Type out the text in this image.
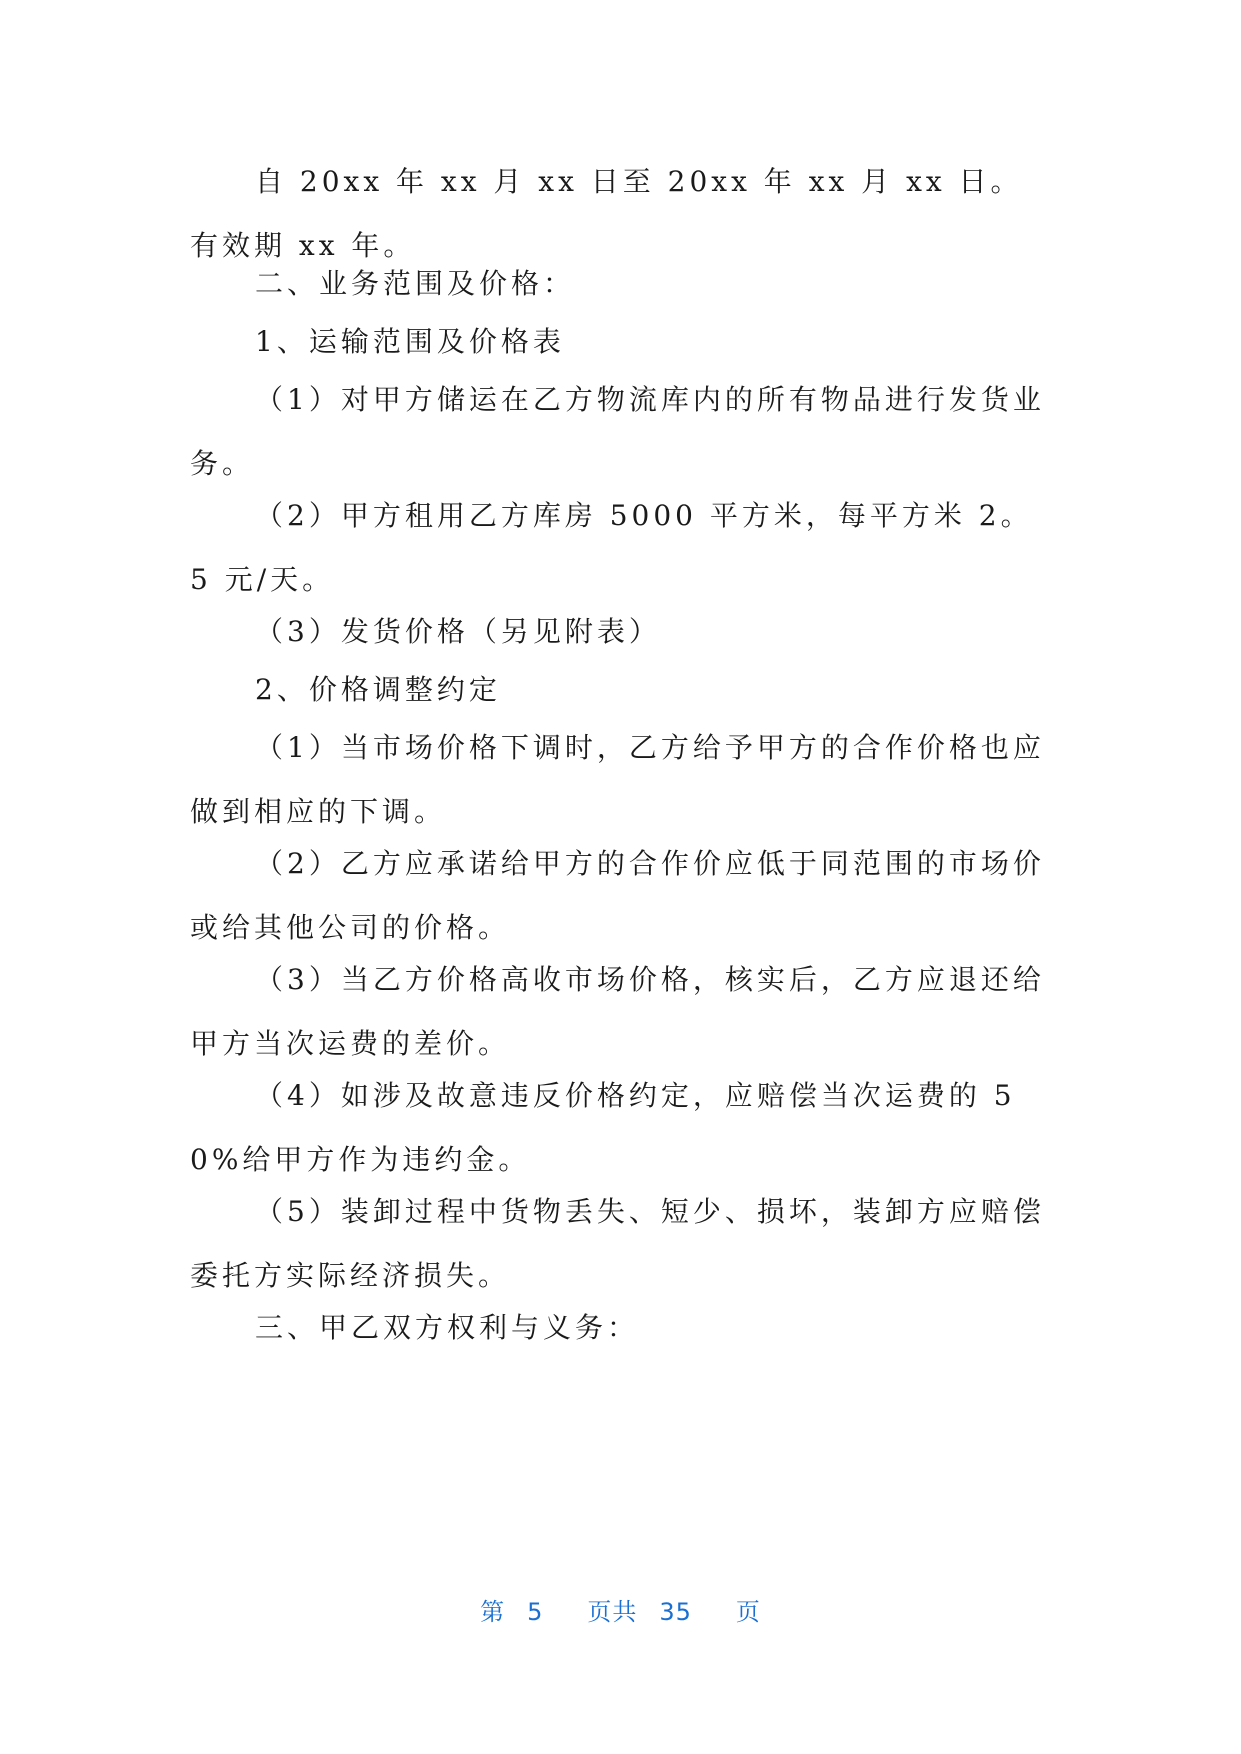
自 20xx 年 xx 月 xx 日至 20xx 年 xx 月 xx 日。有效期 xx 年。

二、业务范围及价格：

1、运输范围及价格表

（1）对甲方储运在乙方物流库内的所有物品进行发货业务。

（2）甲方租用乙方库房 5000 平方米，每平方米 2。5 元/天。

（3）发货价格（另见附表）

2、价格调整约定

（1）当市场价格下调时，乙方给予甲方的合作价格也应做到相应的下调。

（2）乙方应承诺给甲方的合作价应低于同范围的市场价或给其他公司的价格。

（3）当乙方价格高收市场价格，核实后，乙方应退还给甲方当次运费的差价。

（4）如涉及故意违反价格约定，应赔偿当次运费的 50%给甲方作为违约金。

（5）装卸过程中货物丢失、短少、损坏，装卸方应赔偿委托方实际经济损失。

三、甲乙双方权利与义务：

第 5 页共 35 页
